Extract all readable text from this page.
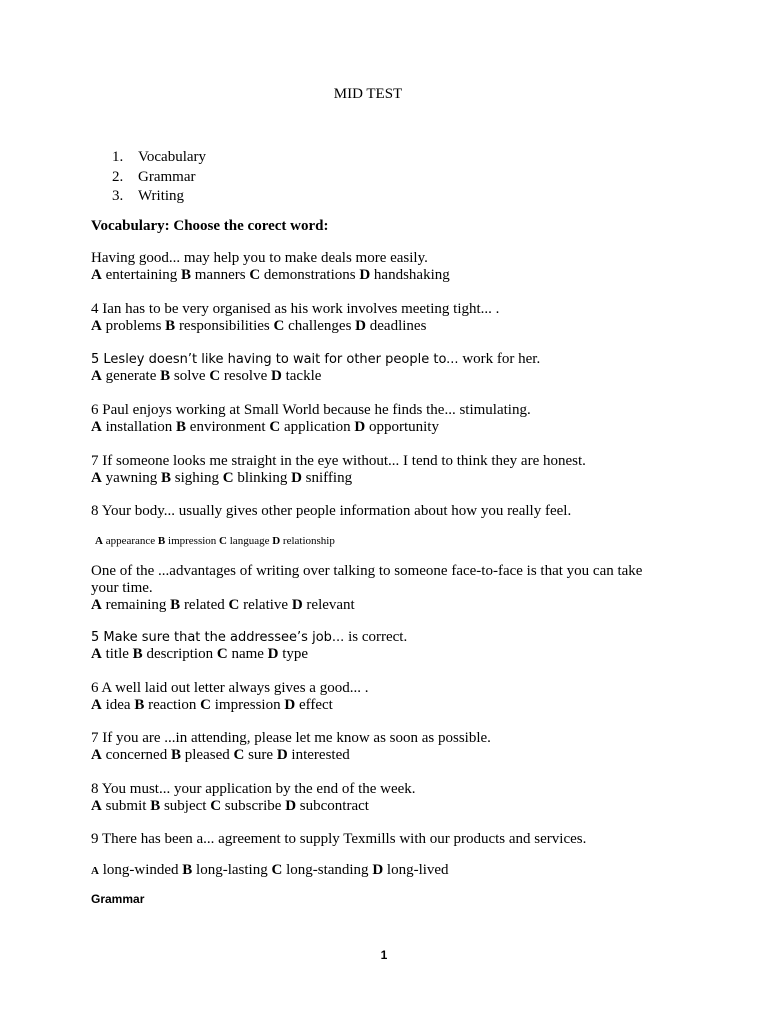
MID TEST
1. Vocabulary
2. Grammar
3. Writing
Vocabulary: Choose the corect word:
Having good... may help you to make deals more easily.
A entertaining B manners C demonstrations D handshaking
4 Ian has to be very organised as his work involves meeting tight... .
A problems B responsibilities C challenges D deadlines
5 Lesley doesn’t like having to wait for other people to... work for her.
A generate B solve C resolve D tackle
6 Paul enjoys working at Small World because he finds the... stimulating.
A installation B environment C application D opportunity
7 If someone looks me straight in the eye without... I tend to think they are honest.
A yawning B sighing C blinking D sniffing
8 Your body... usually gives other people information about how you really feel.
A appearance B impression C language D relationship
One of the ...advantages of writing over talking to someone face-to-face is that you can take your time.
A remaining B related C relative D relevant
5 Make sure that the addressee’s job... is correct.
A title B description C name D type
6 A well laid out letter always gives a good... .
A idea B reaction C impression D effect
7 If you are ...in attending, please let me know as soon as possible.
A concerned B pleased C sure D interested
8 You must... your application by the end of the week.
A submit B subject C subscribe D subcontract
9 There has been a... agreement to supply Texmills with our products and services.
A long-winded B long-lasting C long-standing D long-lived
Grammar
1
